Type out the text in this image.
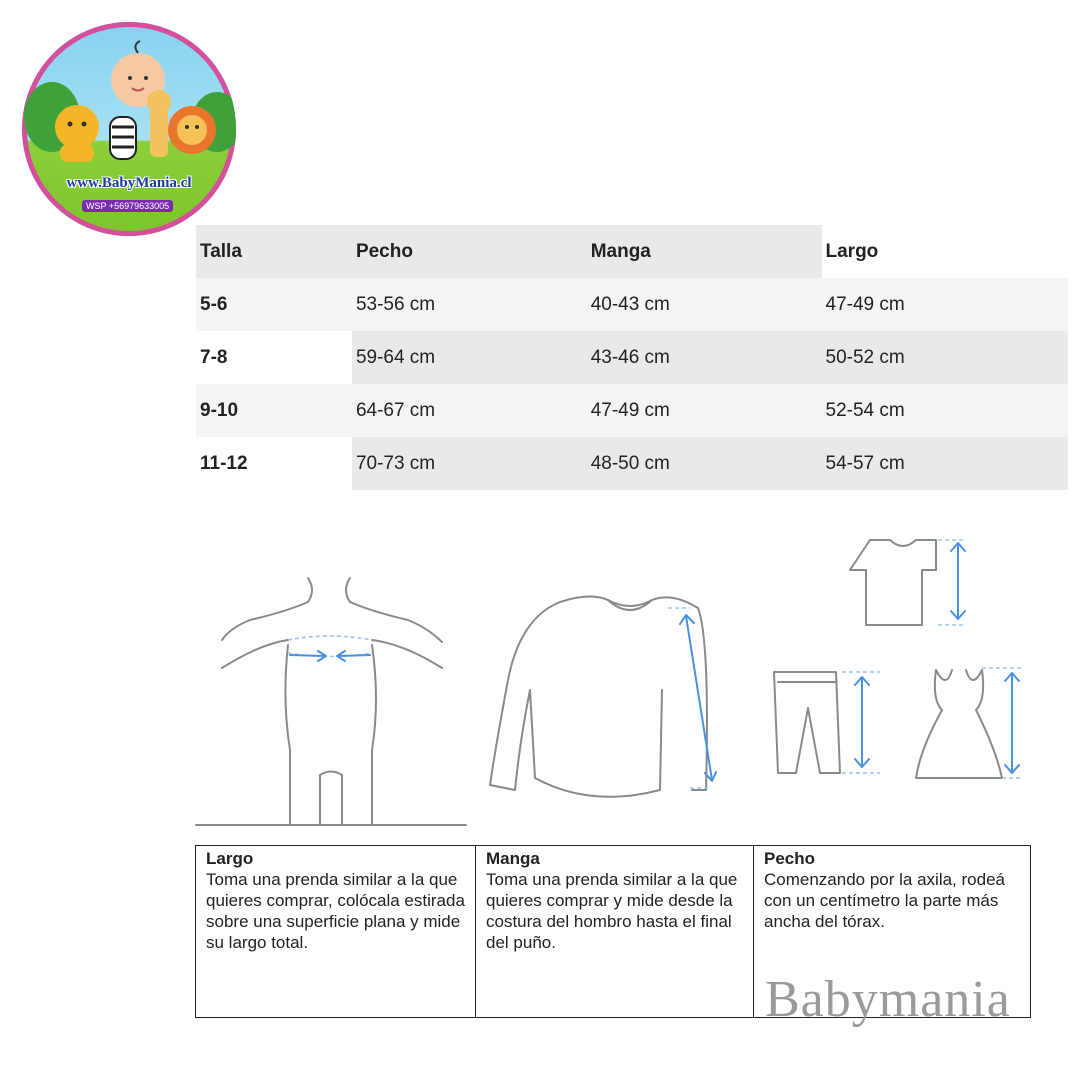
www.BabyMania.cl
WSP +56979633005
Talla	Pecho	Manga	Largo
5-6	53-56 cm	40-43 cm	47-49 cm
7-8	59-64 cm	43-46 cm	50-52 cm
9-10	64-67 cm	47-49 cm	52-54 cm
11-12	70-73 cm	48-50 cm	54-57 cm
Largo

Toma una prenda similar a la que quieres comprar, colócala estirada sobre una superficie plana y mide su largo total.

Manga

Toma una prenda similar a la que quieres comprar y mide desde la costura del hombro hasta el final del puño.

Pecho

Comenzando por la axila, rodeá con un centímetro la parte más ancha del tórax.

Babymania
